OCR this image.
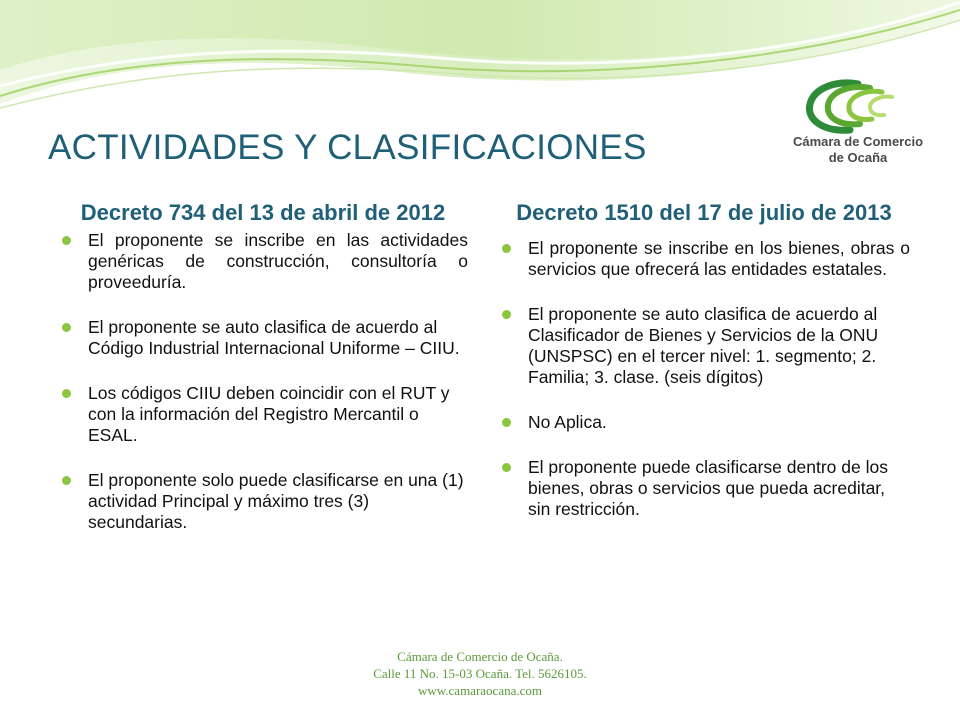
Cámara de Comercio
de Ocaña
ACTIVIDADES Y CLASIFICACIONES
Decreto 734 del 13 de abril de 2012
El proponente se inscribe en las actividades genéricas de construcción, consultoría o proveeduría.
El proponente se auto clasifica de acuerdo al Código Industrial Internacional Uniforme – CIIU.
Los códigos CIIU deben coincidir con el RUT y con la información del Registro Mercantil o ESAL.
El proponente solo puede clasificarse en una (1) actividad Principal y máximo tres (3) secundarias.
Decreto 1510 del 17 de julio de 2013
El proponente se inscribe en los bienes, obras o servicios que ofrecerá las entidades estatales.
El proponente se auto clasifica de acuerdo al Clasificador de Bienes y Servicios de la ONU (UNSPSC) en el tercer nivel: 1. segmento; 2. Familia; 3. clase. (seis dígitos)
No Aplica.
El proponente puede clasificarse dentro de los bienes, obras o servicios que pueda acreditar, sin restricción.
Cámara de Comercio de Ocaña.
Calle 11 No. 15-03 Ocaña. Tel. 5626105.
www.camaraocana.com
